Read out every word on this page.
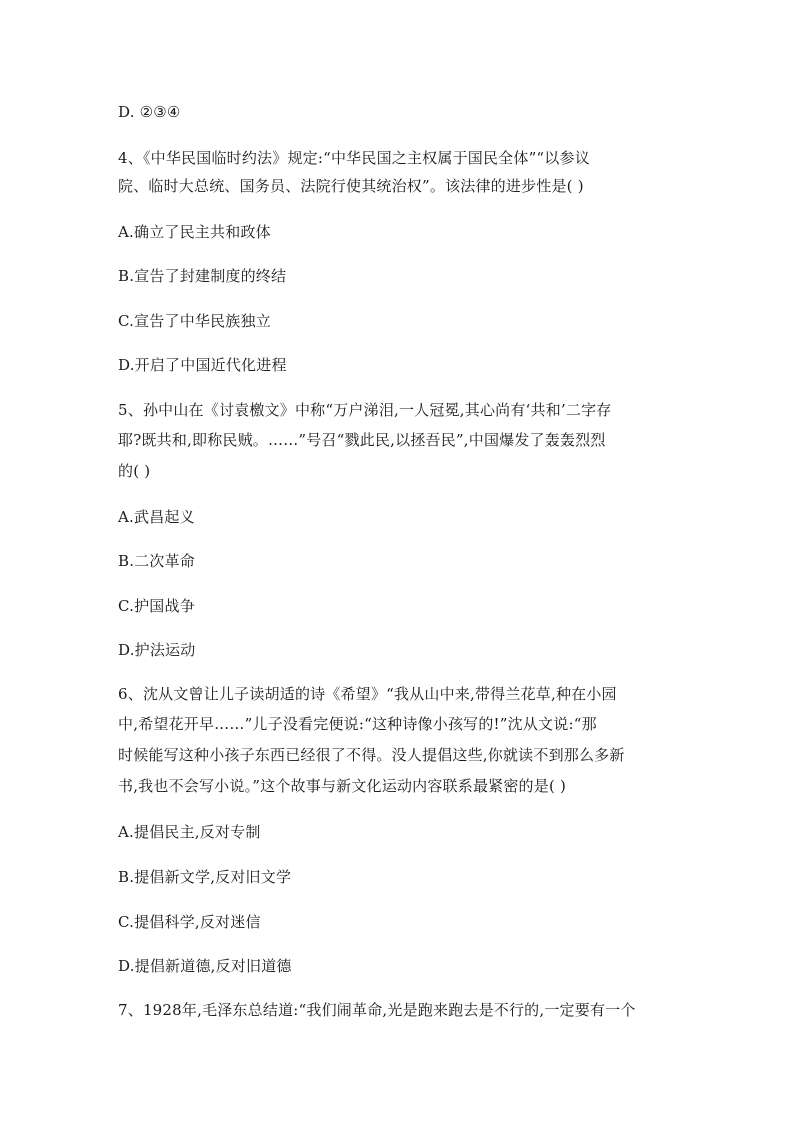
D. ②③④
4、《中华民国临时约法》规定:“中华民国之主权属于国民全体”“以参议
院、临时大总统、国务员、法院行使其统治权”。该法律的进步性是( )
A.确立了民主共和政体
B.宣告了封建制度的终结
C.宣告了中华民族独立
D.开启了中国近代化进程
5、孙中山在《讨袁檄文》中称“万户涕泪,一人冠冕,其心尚有‘共和’二字存
耶?既共和,即称民贼。……”号召“戮此民,以拯吾民”,中国爆发了轰轰烈烈
的( )
A.武昌起义
B.二次革命
C.护国战争
D.护法运动
6、沈从文曾让儿子读胡适的诗《希望》“我从山中来,带得兰花草,种在小园
中,希望花开早……”儿子没看完便说:“这种诗像小孩写的!”沈从文说:“那
时候能写这种小孩子东西已经很了不得。没人提倡这些,你就读不到那么多新
书,我也不会写小说。”这个故事与新文化运动内容联系最紧密的是( )
A.提倡民主,反对专制
B.提倡新文学,反对旧文学
C.提倡科学,反对迷信
D.提倡新道德,反对旧道德
7、1928年,毛泽东总结道:“我们闹革命,光是跑来跑去是不行的,一定要有一个
